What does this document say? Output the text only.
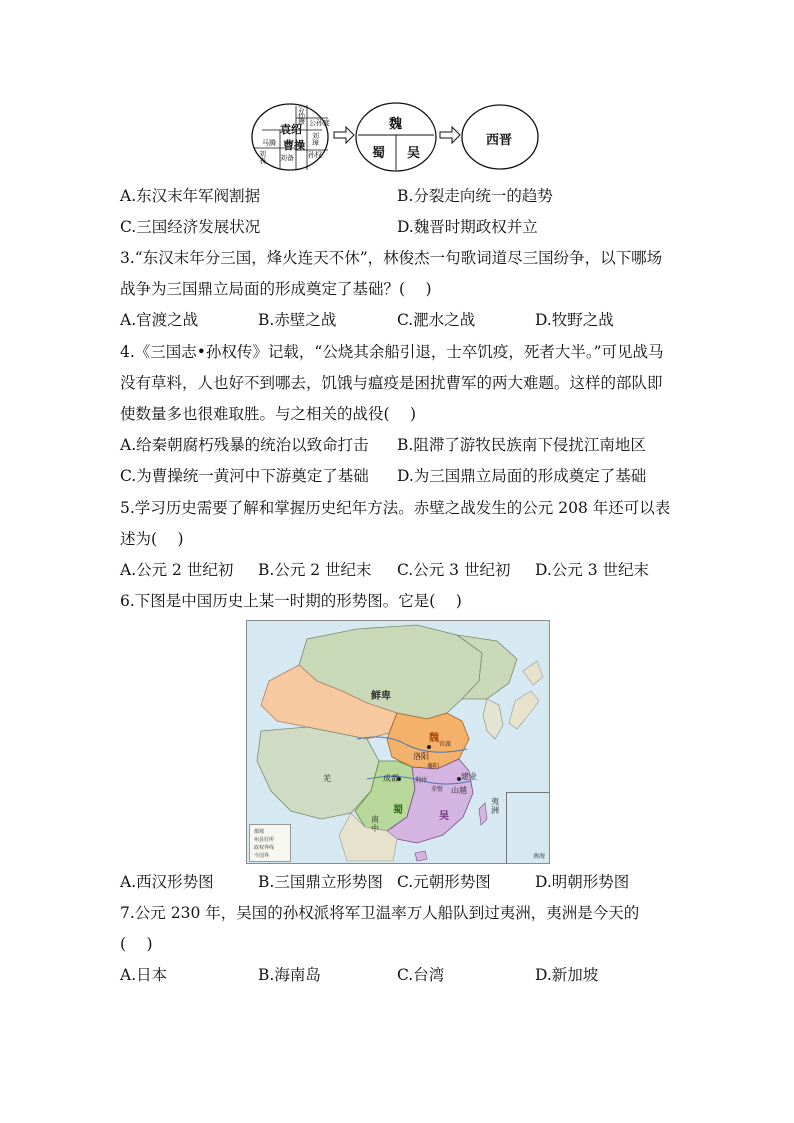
袁绍
曹操
公孙瓒 公孙度
刘璋
马腾
刘表 刘备 孙权
魏
蜀 吴
西晋
A.东汉末年军阀割据	B.分裂走向统一的趋势
C.三国经济发展状况	D.魏晋时期政权并立
3.“东汉末年分三国，烽火连天不休”，林俊杰一句歌词道尽三国纷争，以下哪场
战争为三国鼎立局面的形成奠定了基础？(　 )
A.官渡之战	B.赤壁之战	C.淝水之战	D.牧野之战
4.《三国志•孙权传》记载，“公烧其余船引退，士卒饥疫，死者大半。”可见战马
没有草料，人也好不到哪去，饥饿与瘟疫是困扰曹军的两大难题。这样的部队即
使数量多也很难取胜。与之相关的战役(　 )
A.给秦朝腐朽残暴的统治以致命打击 B.阻滞了游牧民族南下侵扰江南地区
C.为曹操统一黄河中下游奠定了基础 D.为三国鼎立局面的形成奠定了基础
5.学习历史需要了解和掌握历史纪年方法。赤壁之战发生的公元 208 年还可以表
述为(　 )
A.公元 2 世纪初 B.公元 2 世纪末 C.公元 3 世纪初 D.公元 3 世纪末
6.下图是中国历史上某一时期的形势图。它是(　 )
鲜卑
魏
蜀
吴
洛阳
成都	建业
官渡
赤壁
襄阳
荆州
山越
南中
羌
夷洲
都城
州县驻所
政权界线
今国界	南海
A.西汉形势图	B.三国鼎立形势图 C.元朝形势图	D.明朝形势图
7.公元 230 年，吴国的孙权派将军卫温率万人船队到过夷洲，夷洲是今天的
(　 )
A.日本	B.海南岛	C.台湾	D.新加坡
